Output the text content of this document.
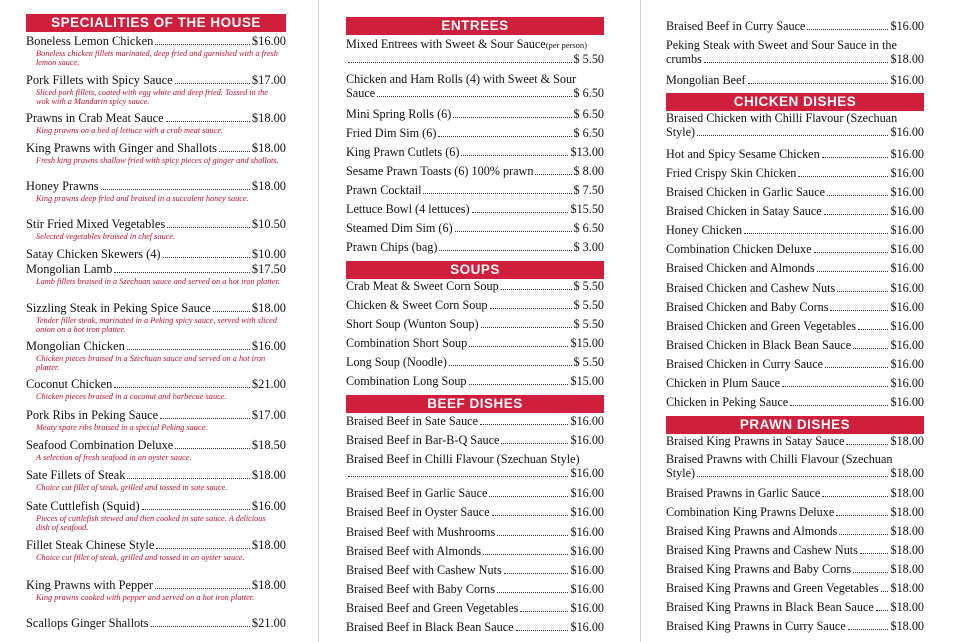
SPECIALITIES OF THE HOUSE
Boneless Lemon Chicken	$16.00
Boneless chicken fillets marinated, deep fried and garnished with a fresh lemon sauce.
Pork Fillets with Spicy Sauce	$17.00
Sliced pork fillets, coated with egg white and deep fried. Tossed in the wok with a Mandarin spicy sauce.
Prawns in Crab Meat Sauce	$18.00
King prawns on a bed of lettuce with a crab meat sauce.
King Prawns with Ginger and Shallots	$18.00
Fresh king prawns shallow fried with spicy pieces of ginger and shallots.
Honey Prawns	$18.00
King prawns deep fried and braised in a succulent honey sauce.
Stir Fried Mixed Vegetables	$10.50
Selected vegetables braised in chef sauce.
Satay Chicken Skewers (4)	$10.00
Mongolian Lamb	$17.50
Lamb fillets braised in a Szechuan sauce and served on a hot iron platter.
Sizzling Steak in Peking Spice Sauce	$18.00
Tender fillet steak, marinated in a Peking spicy sauce, served with sliced onion on a hot iron platter.
Mongolian Chicken	$16.00
Chicken pieces braised in a Szechuan sauce and served on a hot iron platter.
Coconut Chicken	$21.00
Chicken pieces braised in a coconut and barbecue sauce.
Pork Ribs in Peking Sauce	$17.00
Meaty spare ribs braised in a special Peking sauce.
Seafood Combination Deluxe	$18.50
A selection of fresh seafood in an oyster sauce.
Sate Fillets of Steak	$18.00
Choice cut fillet of steak, grilled and tossed in sate sauce.
Sate Cuttlefish (Squid)	$16.00
Pieces of cuttlefish stewed and then cooked in sate sauce. A delicious dish of seafood.
Fillet Steak Chinese Style	$18.00
Choice cut fillet of steak, grilled and tossed in an oyster sauce.
King Prawns with Pepper	$18.00
King prawns cooked with pepper and served on a hot iron platter.
Scallops Ginger Shallots	$21.00
ENTREES
Mixed Entrees with Sweet & Sour Sauce(per person)
$ 5.50
Chicken and Ham Rolls (4) with Sweet & Sour
Sauce	$ 6.50
Mini Spring Rolls (6)	$ 6.50
Fried Dim Sim (6)	$ 6.50
King Prawn Cutlets (6)	$13.00
Sesame Prawn Toasts (6) 100% prawn	$ 8.00
Prawn Cocktail	$ 7.50
Lettuce Bowl (4 lettuces)	$15.50
Steamed Dim Sim (6)	$ 6.50
Prawn Chips (bag)	$ 3.00
SOUPS
Crab Meat & Sweet Corn Soup	$ 5.50
Chicken & Sweet Corn Soup	$ 5.50
Short Soup (Wunton Soup)	$ 5.50
Combination Short Soup	$15.00
Long Soup (Noodle)	$ 5.50
Combination Long Soup	$15.00
BEEF DISHES
Braised Beef in Sate Sauce	$16.00
Braised Beef in Bar-B-Q Sauce	$16.00
Braised Beef in Chilli Flavour (Szechuan Style)
$16.00
Braised Beef in Garlic Sauce	$16.00
Braised Beef in Oyster Sauce	$16.00
Braised Beef with Mushrooms	$16.00
Braised Beef with Almonds	$16.00
Braised Beef with Cashew Nuts	$16.00
Braised Beef with Baby Corns	$16.00
Braised Beef and Green Vegetables	$16.00
Braised Beef in Black Bean Sauce	$16.00
Braised Beef in Curry Sauce	$16.00
Peking Steak with Sweet and Sour Sauce in the
crumbs	$18.00
Mongolian Beef	$16.00
CHICKEN DISHES
Braised Chicken with Chilli Flavour (Szechuan
Style)	$16.00
Hot and Spicy Sesame Chicken	$16.00
Fried Crispy Skin Chicken	$16.00
Braised Chicken in Garlic Sauce	$16.00
Braised Chicken in Satay Sauce	$16.00
Honey Chicken	$16.00
Combination Chicken Deluxe	$16.00
Braised Chicken and Almonds	$16.00
Braised Chicken and Cashew Nuts	$16.00
Braised Chicken and Baby Corns	$16.00
Braised Chicken and Green Vegetables	$16.00
Braised Chicken in Black Bean Sauce	$16.00
Braised Chicken in Curry Sauce	$16.00
Chicken in Plum Sauce	$16.00
Chicken in Peking Sauce	$16.00
PRAWN DISHES
Braised King Prawns in Satay Sauce	$18.00
Braised Prawns with Chilli Flavour (Szechuan
Style)	$18.00
Braised Prawns in Garlic Sauce	$18.00
Combination King Prawns Deluxe	$18.00
Braised King Prawns and Almonds	$18.00
Braised King Prawns and Cashew Nuts	$18.00
Braised King Prawns and Baby Corns	$18.00
Braised King Prawns and Green Vegetables $18.00
Braised King Prawns in Black Bean Sauce $18.00
Braised King Prawns in Curry Sauce	$18.00
